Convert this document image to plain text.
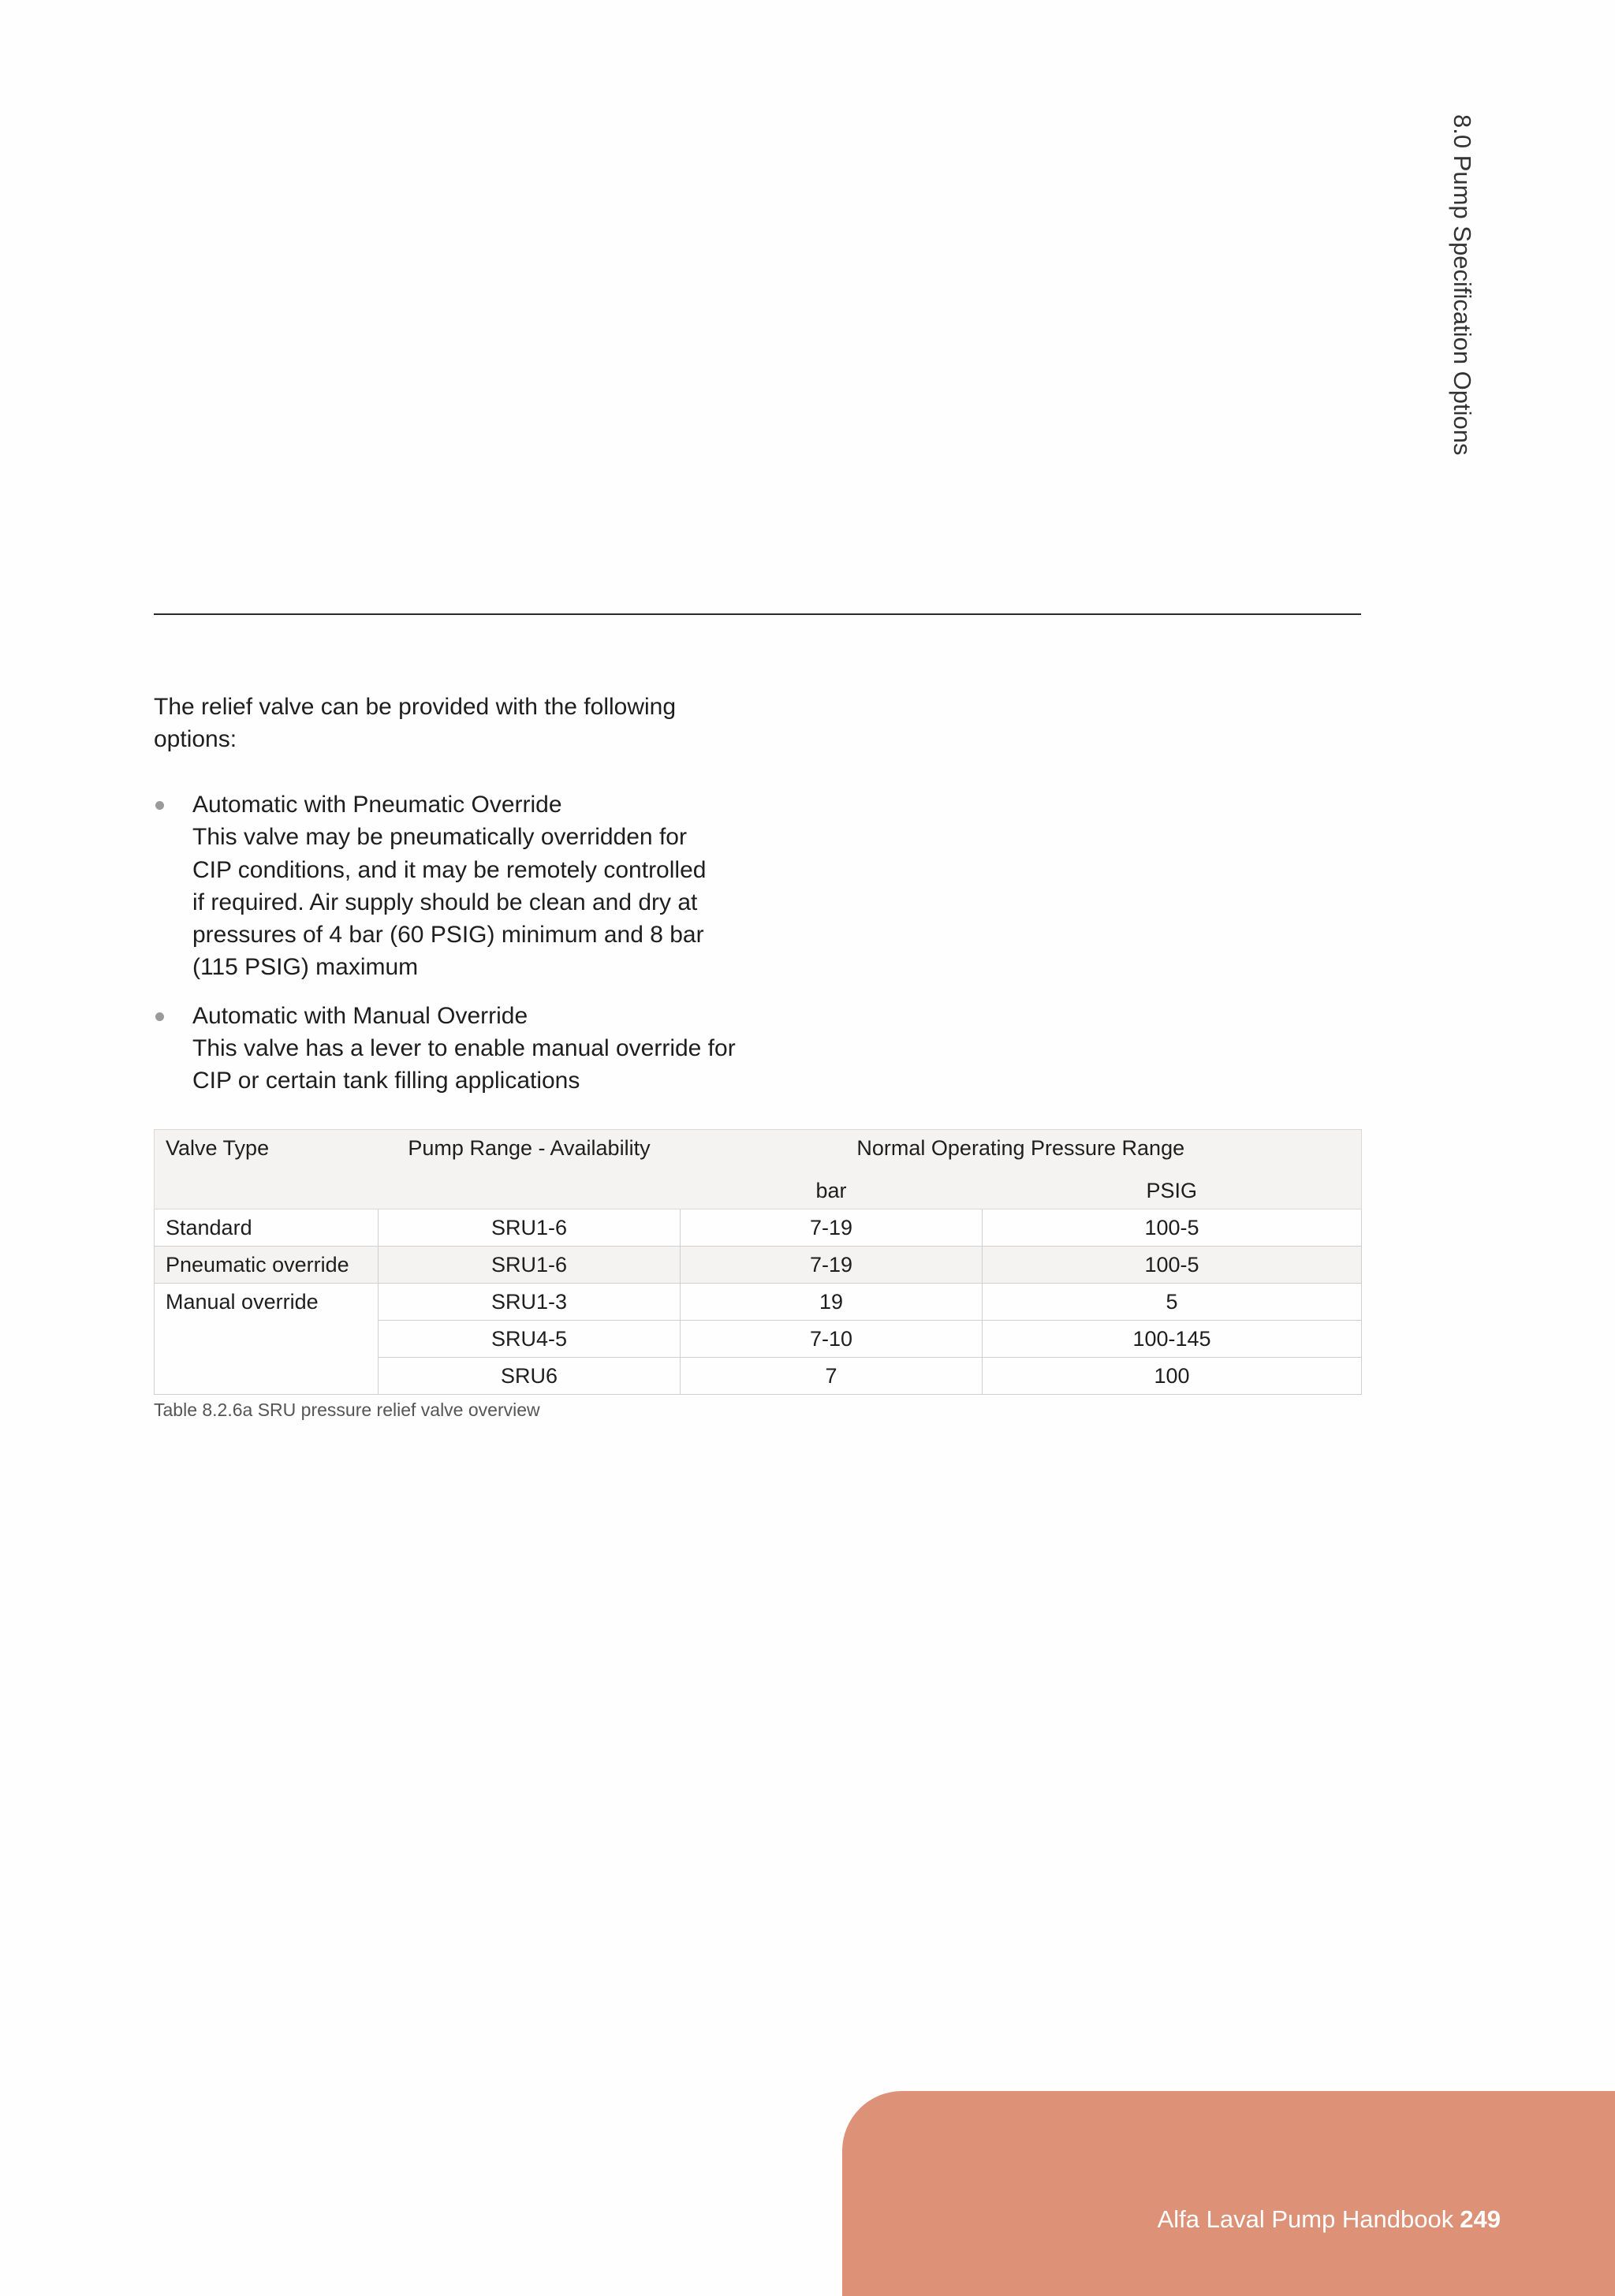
8.0 Pump Specification Options
The relief valve can be provided with the following options:
Automatic with Pneumatic Override
This valve may be pneumatically overridden for
CIP conditions, and it may be remotely controlled
if required. Air supply should be clean and dry at
pressures of 4 bar (60 PSIG) minimum and 8 bar
(115 PSIG) maximum
Automatic with Manual Override
This valve has a lever to enable manual override for
CIP or certain tank filling applications
Valve Type	Pump Range - Availability	Normal Operating Pressure Range	
		bar	PSIG
Standard	SRU1-6	7-19	100-5
Pneumatic override	SRU1-6	7-19	100-5
Manual override	SRU1-3	19	5
	SRU4-5	7-10	100-145
	SRU6	7	100
Table 8.2.6a SRU pressure relief valve overview
Alfa Laval Pump Handbook 249
